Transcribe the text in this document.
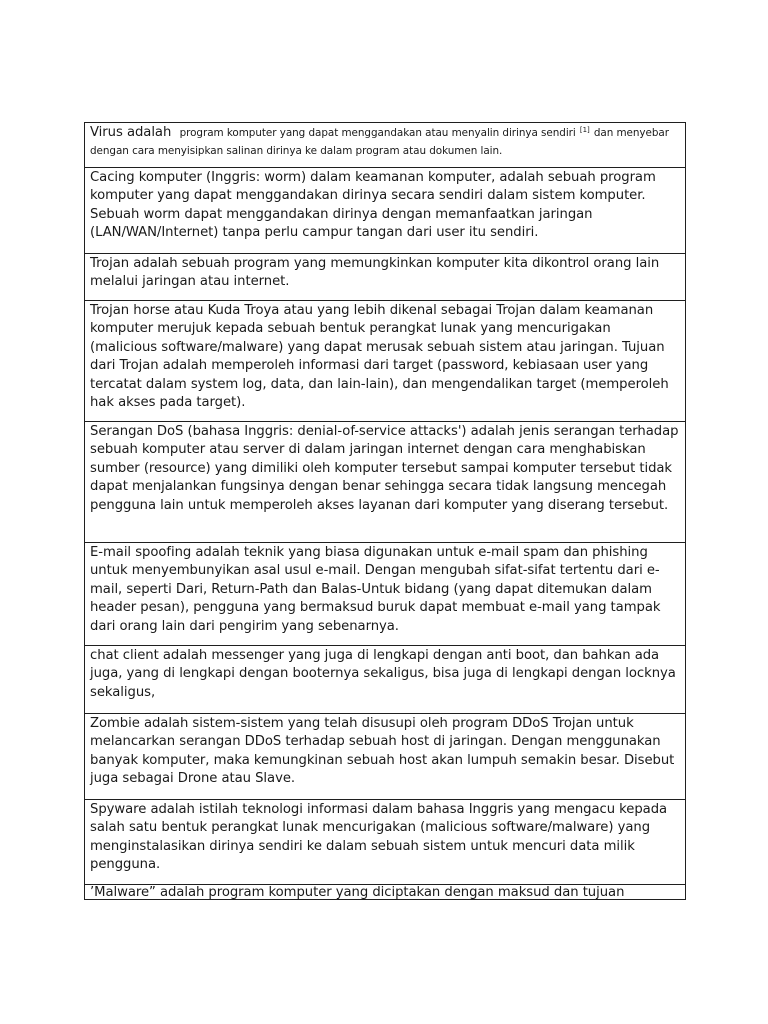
Virus adalah program komputer yang dapat menggandakan atau menyalin dirinya sendiri [1] dan menyebar dengan cara menyisipkan salinan dirinya ke dalam program atau dokumen lain.

Cacing komputer (Inggris: worm) dalam keamanan komputer, adalah sebuah program komputer yang dapat menggandakan dirinya secara sendiri dalam sistem komputer. Sebuah worm dapat menggandakan dirinya dengan memanfaatkan jaringan (LAN/WAN/Internet) tanpa perlu campur tangan dari user itu sendiri.

Trojan adalah sebuah program yang memungkinkan komputer kita dikontrol orang lain melalui jaringan atau internet.

Trojan horse atau Kuda Troya atau yang lebih dikenal sebagai Trojan dalam keamanan komputer merujuk kepada sebuah bentuk perangkat lunak yang mencurigakan (malicious software/malware) yang dapat merusak sebuah sistem atau jaringan. Tujuan dari Trojan adalah memperoleh informasi dari target (password, kebiasaan user yang tercatat dalam system log, data, dan lain-lain), dan mengendalikan target (memperoleh hak akses pada target).

Serangan DoS (bahasa Inggris: denial-of-service attacks') adalah jenis serangan terhadap sebuah komputer atau server di dalam jaringan internet dengan cara menghabiskan sumber (resource) yang dimiliki oleh komputer tersebut sampai komputer tersebut tidak dapat menjalankan fungsinya dengan benar sehingga secara tidak langsung mencegah pengguna lain untuk memperoleh akses layanan dari komputer yang diserang tersebut.

E-mail spoofing adalah teknik yang biasa digunakan untuk e-mail spam dan phishing untuk menyembunyikan asal usul e-mail. Dengan mengubah sifat-sifat tertentu dari e-mail, seperti Dari, Return-Path dan Balas-Untuk bidang (yang dapat ditemukan dalam header pesan), pengguna yang bermaksud buruk dapat membuat e-mail yang tampak dari orang lain dari pengirim yang sebenarnya.

chat client adalah messenger yang juga di lengkapi dengan anti boot, dan bahkan ada juga, yang di lengkapi dengan booternya sekaligus, bisa juga di lengkapi dengan locknya sekaligus,

Zombie adalah sistem-sistem yang telah disusupi oleh program DDoS Trojan untuk melancarkan serangan DDoS terhadap sebuah host di jaringan. Dengan menggunakan banyak komputer, maka kemungkinan sebuah host akan lumpuh semakin besar. Disebut juga sebagai Drone atau Slave.

Spyware adalah istilah teknologi informasi dalam bahasa Inggris yang mengacu kepada salah satu bentuk perangkat lunak mencurigakan (malicious software/malware) yang menginstalasikan dirinya sendiri ke dalam sebuah sistem untuk mencuri data milik pengguna.

’Malware” adalah program komputer yang diciptakan dengan maksud dan tujuan
